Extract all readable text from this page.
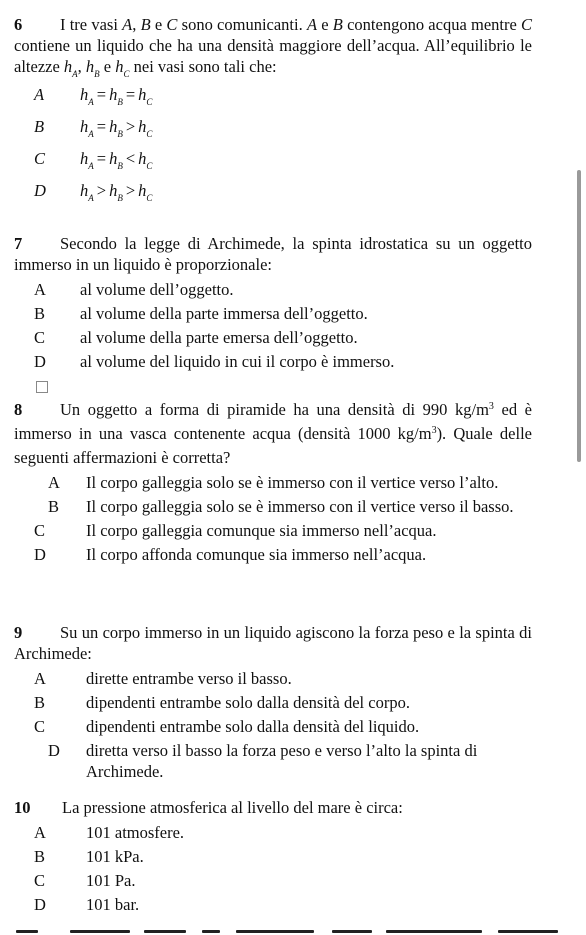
6 I tre vasi A, B e C sono comunicanti. A e B contengono acqua mentre C contiene un liquido che ha una densità maggiore dell’acqua. All’equilibrio le altezze $h_A$, $h_B$ e $h_C$ nei vasi sono tali che:
A $h_A = h_B = h_C$
B $h_A = h_B > h_C$
C $h_A = h_B < h_C$
D $h_A > h_B > h_C$
7 Secondo la legge di Archimede, la spinta idrostatica su un oggetto immerso in un liquido è proporzionale:
A al volume dell’oggetto.
B al volume della parte immersa dell’oggetto.
C al volume della parte emersa dell’oggetto.
D al volume del liquido in cui il corpo è immerso.
8 Un oggetto a forma di piramide ha una densità di 990 $kg/m^3$ ed è immerso in una vasca contenente acqua (densità 1000 $kg/m^3$). Quale delle seguenti affermazioni è corretta?
A Il corpo galleggia solo se è immerso con il vertice verso l’alto.
B Il corpo galleggia solo se è immerso con il vertice verso il basso.
C Il corpo galleggia comunque sia immerso nell’acqua.
D Il corpo affonda comunque sia immerso nell’acqua.
9 Su un corpo immerso in un liquido agiscono la forza peso e la spinta di Archimede:
A dirette entrambe verso il basso.
B dipendenti entrambe solo dalla densità del corpo.
C dipendenti entrambe solo dalla densità del liquido.
D diretta verso il basso la forza peso e verso l’alto la spinta di Archimede.
10 La pressione atmosferica al livello del mare è circa:
A 101 atmosfere.
B 101 kPa.
C 101 Pa.
D 101 bar.
